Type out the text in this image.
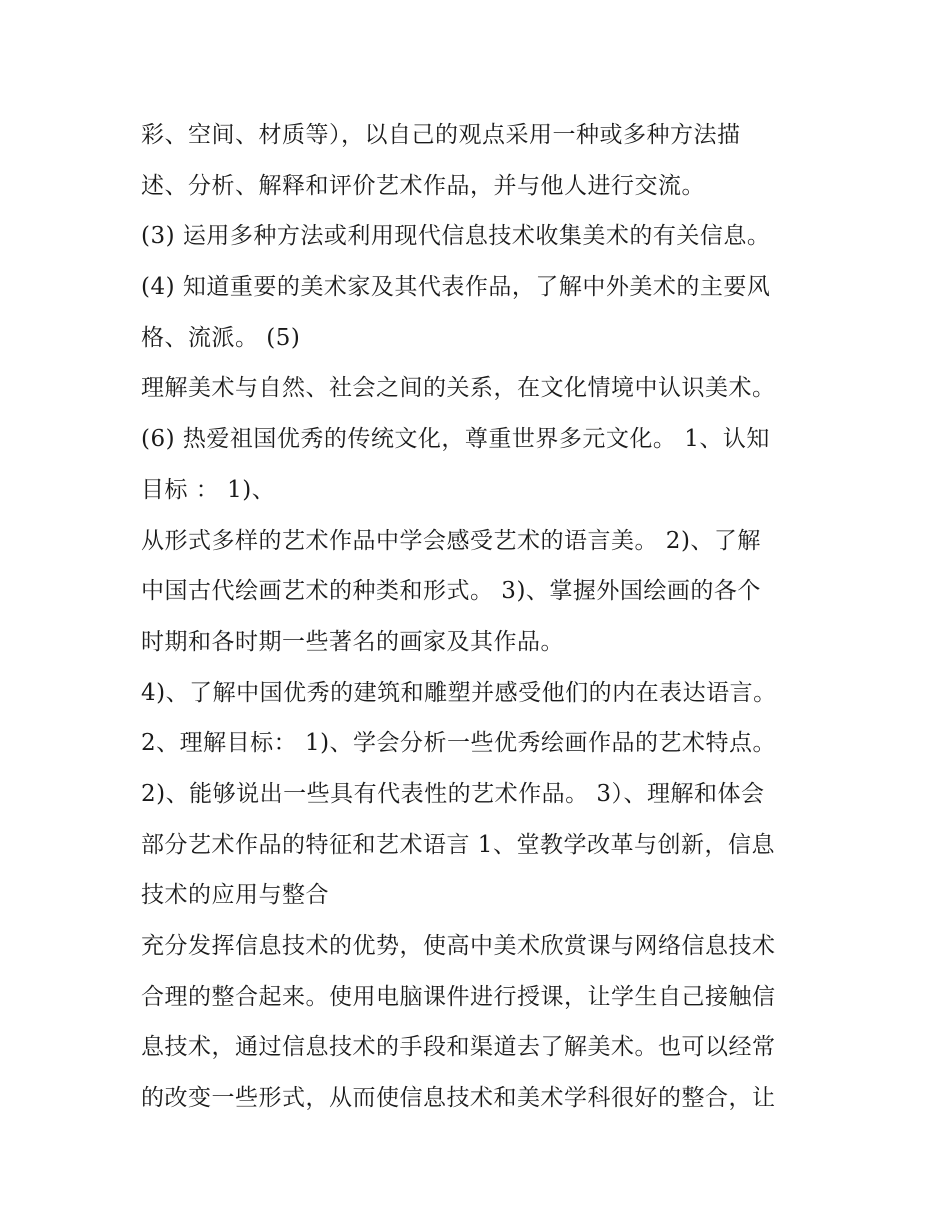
彩、空间、材质等），以自己的观点采用一种或多种方法描
述、分析、解释和评价艺术作品，并与他人进行交流。
(3) 运用多种方法或利用现代信息技术收集美术的有关信息。
(4) 知道重要的美术家及其代表作品，了解中外美术的主要风
格、流派。 (5)
理解美术与自然、社会之间的关系，在文化情境中认识美术。
(6) 热爱祖国优秀的传统文化，尊重世界多元文化。 1、认知
目标 ： 1)、
从形式多样的艺术作品中学会感受艺术的语言美。 2)、了解
中国古代绘画艺术的种类和形式。 3)、掌握外国绘画的各个
时期和各时期一些著名的画家及其作品。
4)、了解中国优秀的建筑和雕塑并感受他们的内在表达语言。
2、理解目标： 1)、学会分析一些优秀绘画作品的艺术特点。
2)、能够说出一些具有代表性的艺术作品。 3）、理解和体会
部分艺术作品的特征和艺术语言 1、堂教学改革与创新，信息
技术的应用与整合
充分发挥信息技术的优势，使高中美术欣赏课与网络信息技术
合理的整合起来。使用电脑课件进行授课，让学生自己接触信
息技术，通过信息技术的手段和渠道去了解美术。也可以经常
的改变一些形式，从而使信息技术和美术学科很好的整合，让
